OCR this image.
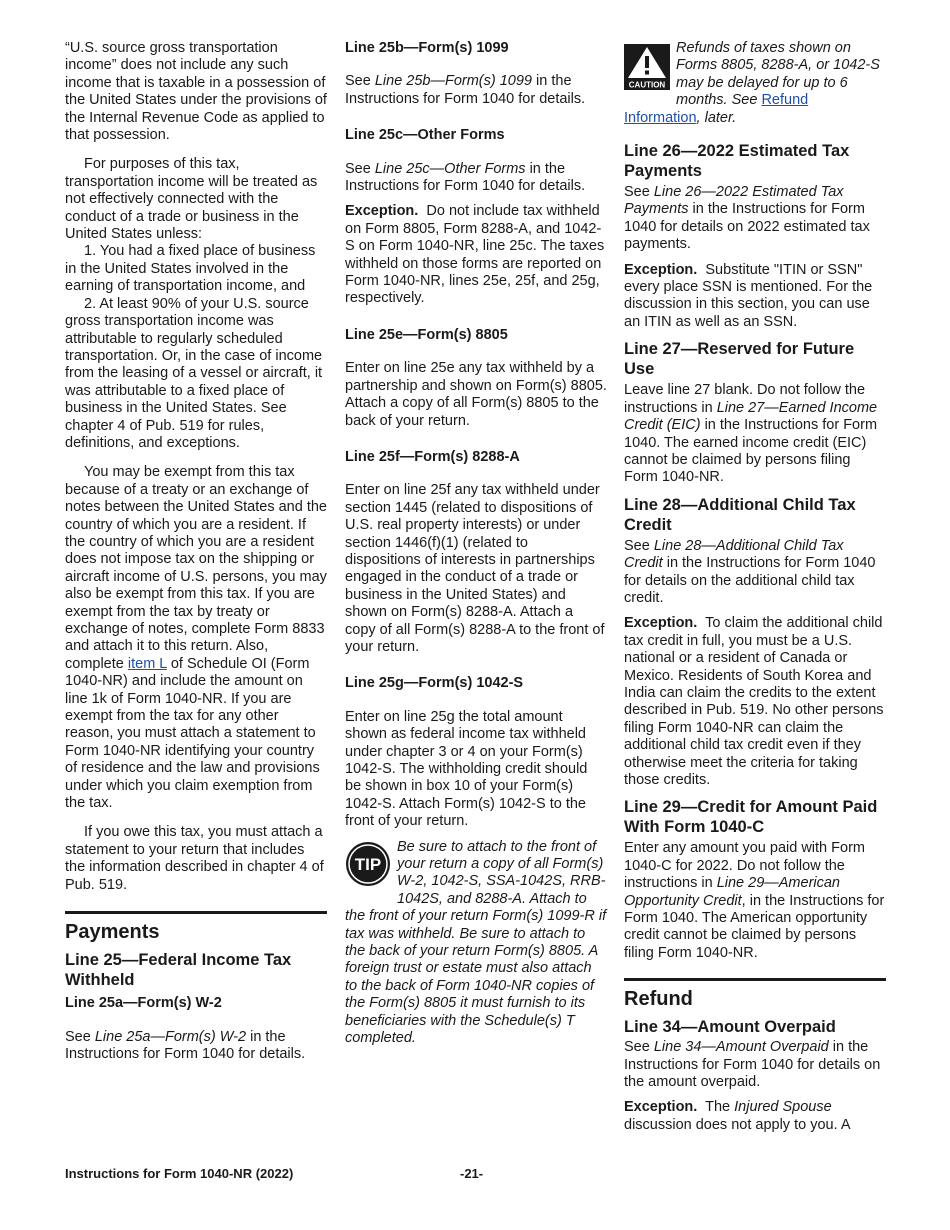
“U.S. source gross transportation income” does not include any such income that is taxable in a possession of the United States under the provisions of the Internal Revenue Code as applied to that possession.

For purposes of this tax, transportation income will be treated as not effectively connected with the conduct of a trade or business in the United States unless:

1. You had a fixed place of business in the United States involved in the earning of transportation income, and

2. At least 90% of your U.S. source gross transportation income was attributable to regularly scheduled transportation. Or, in the case of income from the leasing of a vessel or aircraft, it was attributable to a fixed place of business in the United States. See chapter 4 of Pub. 519 for rules, definitions, and exceptions.

You may be exempt from this tax because of a treaty or an exchange of notes between the United States and the country of which you are a resident. If the country of which you are a resident does not impose tax on the shipping or aircraft income of U.S. persons, you may also be exempt from this tax. If you are exempt from the tax by treaty or exchange of notes, complete Form 8833 and attach it to this return. Also, complete item L of Schedule OI (Form 1040-NR) and include the amount on line 1k of Form 1040-NR. If you are exempt from the tax for any other reason, you must attach a statement to Form 1040-NR identifying your country of residence and the law and provisions under which you claim exemption from the tax.

If you owe this tax, you must attach a statement to your return that includes the information described in chapter 4 of Pub. 519.

Payments
Line 25—Federal Income Tax Withheld
Line 25a—Form(s) W-2

See Line 25a—Form(s) W-2 in the Instructions for Form 1040 for details.

Line 25b—Form(s) 1099

See Line 25b—Form(s) 1099 in the Instructions for Form 1040 for details.

Line 25c—Other Forms

See Line 25c—Other Forms in the Instructions for Form 1040 for details.

Exception. Do not include tax withheld on Form 8805, Form 8288-A, and 1042-S on Form 1040-NR, line 25c. The taxes withheld on those forms are reported on Form 1040-NR, lines 25e, 25f, and 25g, respectively.

Line 25e—Form(s) 8805

Enter on line 25e any tax withheld by a partnership and shown on Form(s) 8805. Attach a copy of all Form(s) 8805 to the back of your return.

Line 25f—Form(s) 8288-A

Enter on line 25f any tax withheld under section 1445 (related to dispositions of U.S. real property interests) or under section 1446(f)(1) (related to dispositions of interests in partnerships engaged in the conduct of a trade or business in the United States) and shown on Form(s) 8288-A. Attach a copy of all Form(s) 8288-A to the front of your return.

Line 25g—Form(s) 1042-S

Enter on line 25g the total amount shown as federal income tax withheld under chapter 3 or 4 on your Form(s) 1042-S. The withholding credit should be shown in box 10 of your Form(s) 1042-S. Attach Form(s) 1042-S to the front of your return.

TIP
Be sure to attach to the front of your return a copy of all Form(s) W-2, 1042-S, SSA-1042S, RRB-1042S, and 8288-A. Attach to the front of your return Form(s) 1099-R if tax was withheld. Be sure to attach to the back of your return Form(s) 8805. A foreign trust or estate must also attach to the back of Form 1040-NR copies of the Form(s) 8805 it must furnish to its beneficiaries with the Schedule(s) T completed.
CAUTION
Refunds of taxes shown on Forms 8805, 8288-A, or 1042-S may be delayed for up to 6 months. See Refund Information, later.
Line 26—2022 Estimated Tax Payments

See Line 26—2022 Estimated Tax Payments in the Instructions for Form 1040 for details on 2022 estimated tax payments.

Exception. Substitute "ITIN or SSN" every place SSN is mentioned. For the discussion in this section, you can use an ITIN as well as an SSN.

Line 27—Reserved for Future Use

Leave line 27 blank. Do not follow the instructions in Line 27—Earned Income Credit (EIC) in the Instructions for Form 1040. The earned income credit (EIC) cannot be claimed by persons filing Form 1040-NR.

Line 28—Additional Child Tax Credit

See Line 28—Additional Child Tax Credit in the Instructions for Form 1040 for details on the additional child tax credit.

Exception. To claim the additional child tax credit in full, you must be a U.S. national or a resident of Canada or Mexico. Residents of South Korea and India can claim the credits to the extent described in Pub. 519. No other persons filing Form 1040-NR can claim the additional child tax credit even if they otherwise meet the criteria for taking those credits.

Line 29—Credit for Amount Paid With Form 1040-C

Enter any amount you paid with Form 1040-C for 2022. Do not follow the instructions in Line 29—American Opportunity Credit, in the Instructions for Form 1040. The American opportunity credit cannot be claimed by persons filing Form 1040-NR.

Refund
Line 34—Amount Overpaid

See Line 34—Amount Overpaid in the Instructions for Form 1040 for details on the amount overpaid.

Exception. The Injured Spouse discussion does not apply to you. A

Instructions for Form 1040-NR (2022)	-21-
